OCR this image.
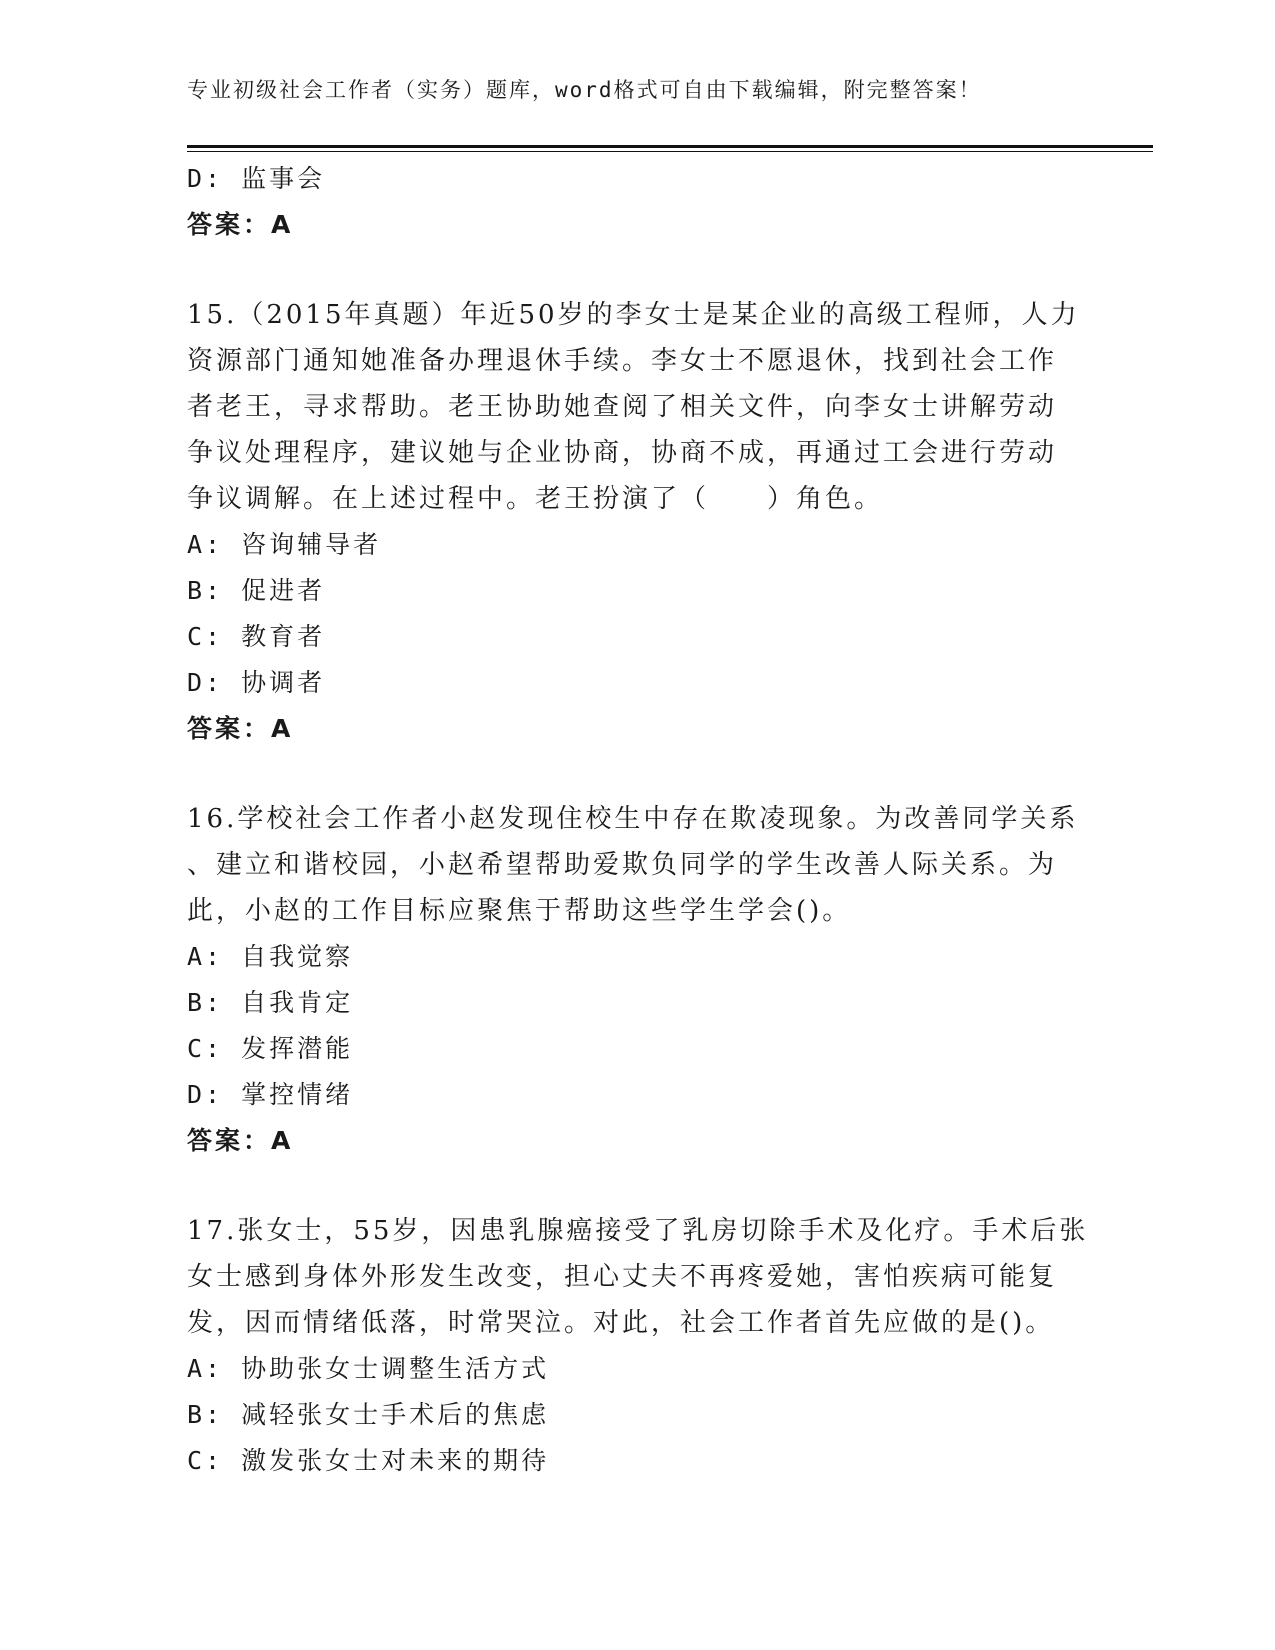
专业初级社会工作者（实务）题库，word格式可自由下载编辑，附完整答案！
D: 监事会
答案：A
15.（2015年真题）年近50岁的李女士是某企业的高级工程师，人力
资源部门通知她准备办理退休手续。李女士不愿退休，找到社会工作
者老王，寻求帮助。老王协助她查阅了相关文件，向李女士讲解劳动
争议处理程序，建议她与企业协商，协商不成，再通过工会进行劳动
争议调解。在上述过程中。老王扮演了（　　）角色。
A: 咨询辅导者
B: 促进者
C: 教育者
D: 协调者
答案：A
16.学校社会工作者小赵发现住校生中存在欺凌现象。为改善同学关系
、建立和谐校园，小赵希望帮助爱欺负同学的学生改善人际关系。为
此，小赵的工作目标应聚焦于帮助这些学生学会()。
A: 自我觉察
B: 自我肯定
C: 发挥潜能
D: 掌控情绪
答案：A
17.张女士，55岁，因患乳腺癌接受了乳房切除手术及化疗。手术后张
女士感到身体外形发生改变，担心丈夫不再疼爱她，害怕疾病可能复
发，因而情绪低落，时常哭泣。对此，社会工作者首先应做的是()。
A: 协助张女士调整生活方式
B: 减轻张女士手术后的焦虑
C: 激发张女士对未来的期待
